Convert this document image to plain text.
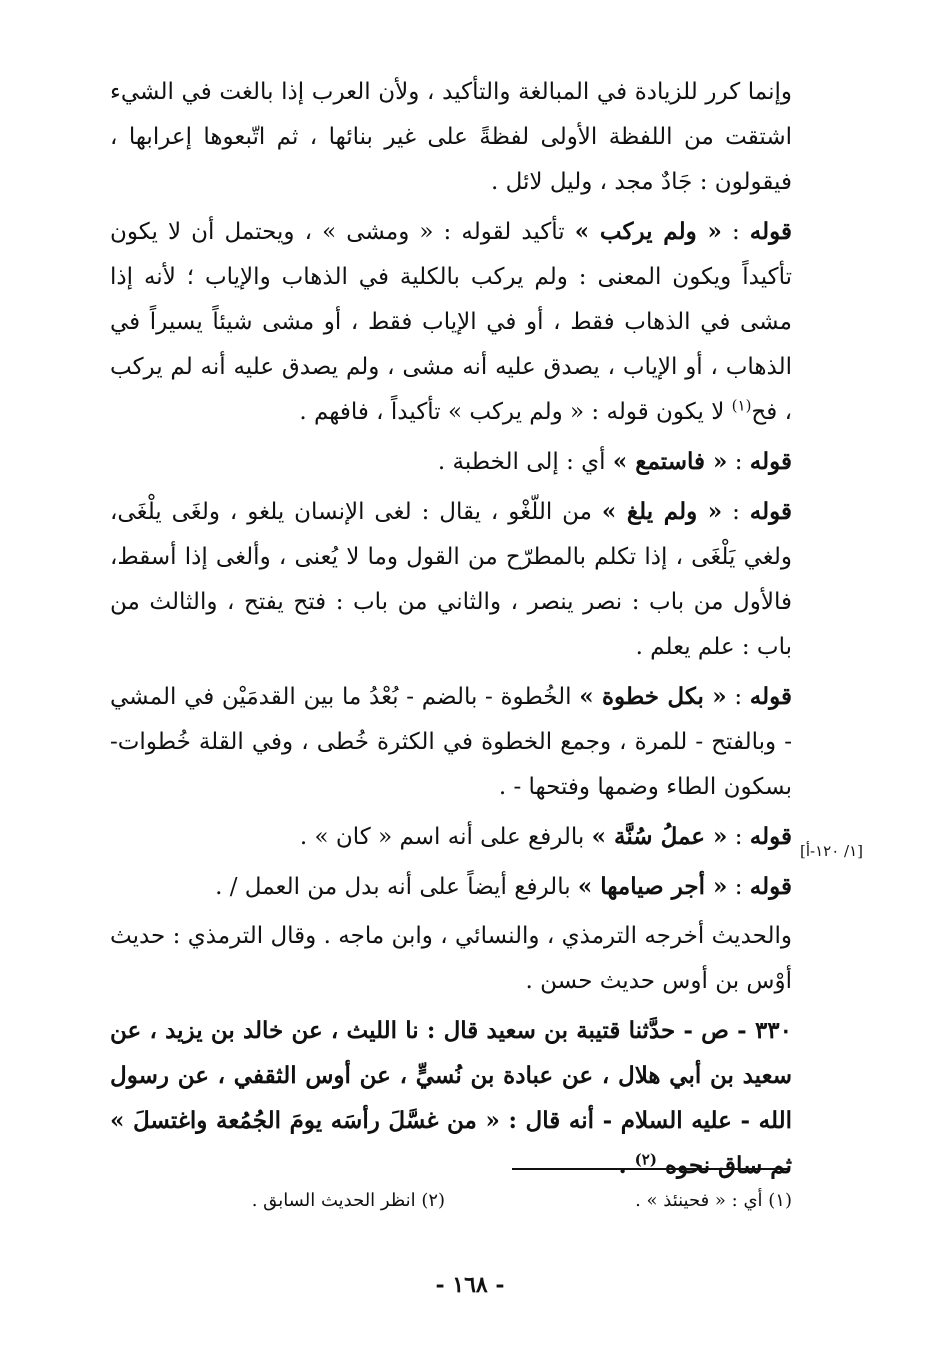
وإنما كرر للزيادة في المبالغة والتأكيد ، ولأن العرب إذا بالغت في الشيء اشتقت من اللفظة الأولى لفظةً على غير بنائها ، ثم اتّبعوها إعرابها ، فيقولون : جَادٌ مجد ، وليل لائل .

قوله : « ولم يركب » تأكيد لقوله : « ومشى » ، ويحتمل أن لا يكون تأكيداً ويكون المعنى : ولم يركب بالكلية في الذهاب والإياب ؛ لأنه إذا مشى في الذهاب فقط ، أو في الإياب فقط ، أو مشى شيئاً يسيراً في الذهاب ، أو الإياب ، يصدق عليه أنه مشى ، ولم يصدق عليه أنه لم يركب ، فح$^{(١)}$ لا يكون قوله : « ولم يركب » تأكيداً ، فافهم .

قوله : « فاستمع » أي : إلى الخطبة .

قوله : « ولم يلغ » من اللّغْو ، يقال : لغى الإنسان يلغو ، ولغَى يلْغَى، ولغي يَلْغَى ، إذا تكلم بالمطرّح من القول وما لا يُعنى ، وألغى إذا أسقط، فالأول من باب : نصر ينصر ، والثاني من باب : فتح يفتح ، والثالث من باب : علم يعلم .

قوله : « بكل خطوة » الخُطوة - بالضم - بُعْدُ ما بين القدمَيْن في المشي - وبالفتح - للمرة ، وجمع الخطوة في الكثرة خُطى ، وفي القلة خُطوات- بسكون الطاء وضمها وفتحها - .

قوله : « عملُ سُنَّة » بالرفع على أنه اسم « كان » .

قوله : « أجر صيامها » بالرفع أيضاً على أنه بدل من العمل / .

والحديث أخرجه الترمذي ، والنسائي ، وابن ماجه . وقال الترمذي : حديث أوْس بن أوس حديث حسن .

٣٣٠ - ص - حدَّثنا قتيبة بن سعيد قال : نا الليث ، عن خالد بن يزيد ، عن سعيد بن أبي هلال ، عن عبادة بن نُسيٍّ ، عن أوس الثقفي ، عن رسول الله - عليه السلام - أنه قال : « من غسَّلَ رأسَه يومَ الجُمُعة واغتسلَ » ثم ساق نحوه $^{(٢)}$ .

[١/ ١٢٠-أ]
(١) أي : « فحينئذ » .
(٢) انظر الحديث السابق .
- ١٦٨ -
